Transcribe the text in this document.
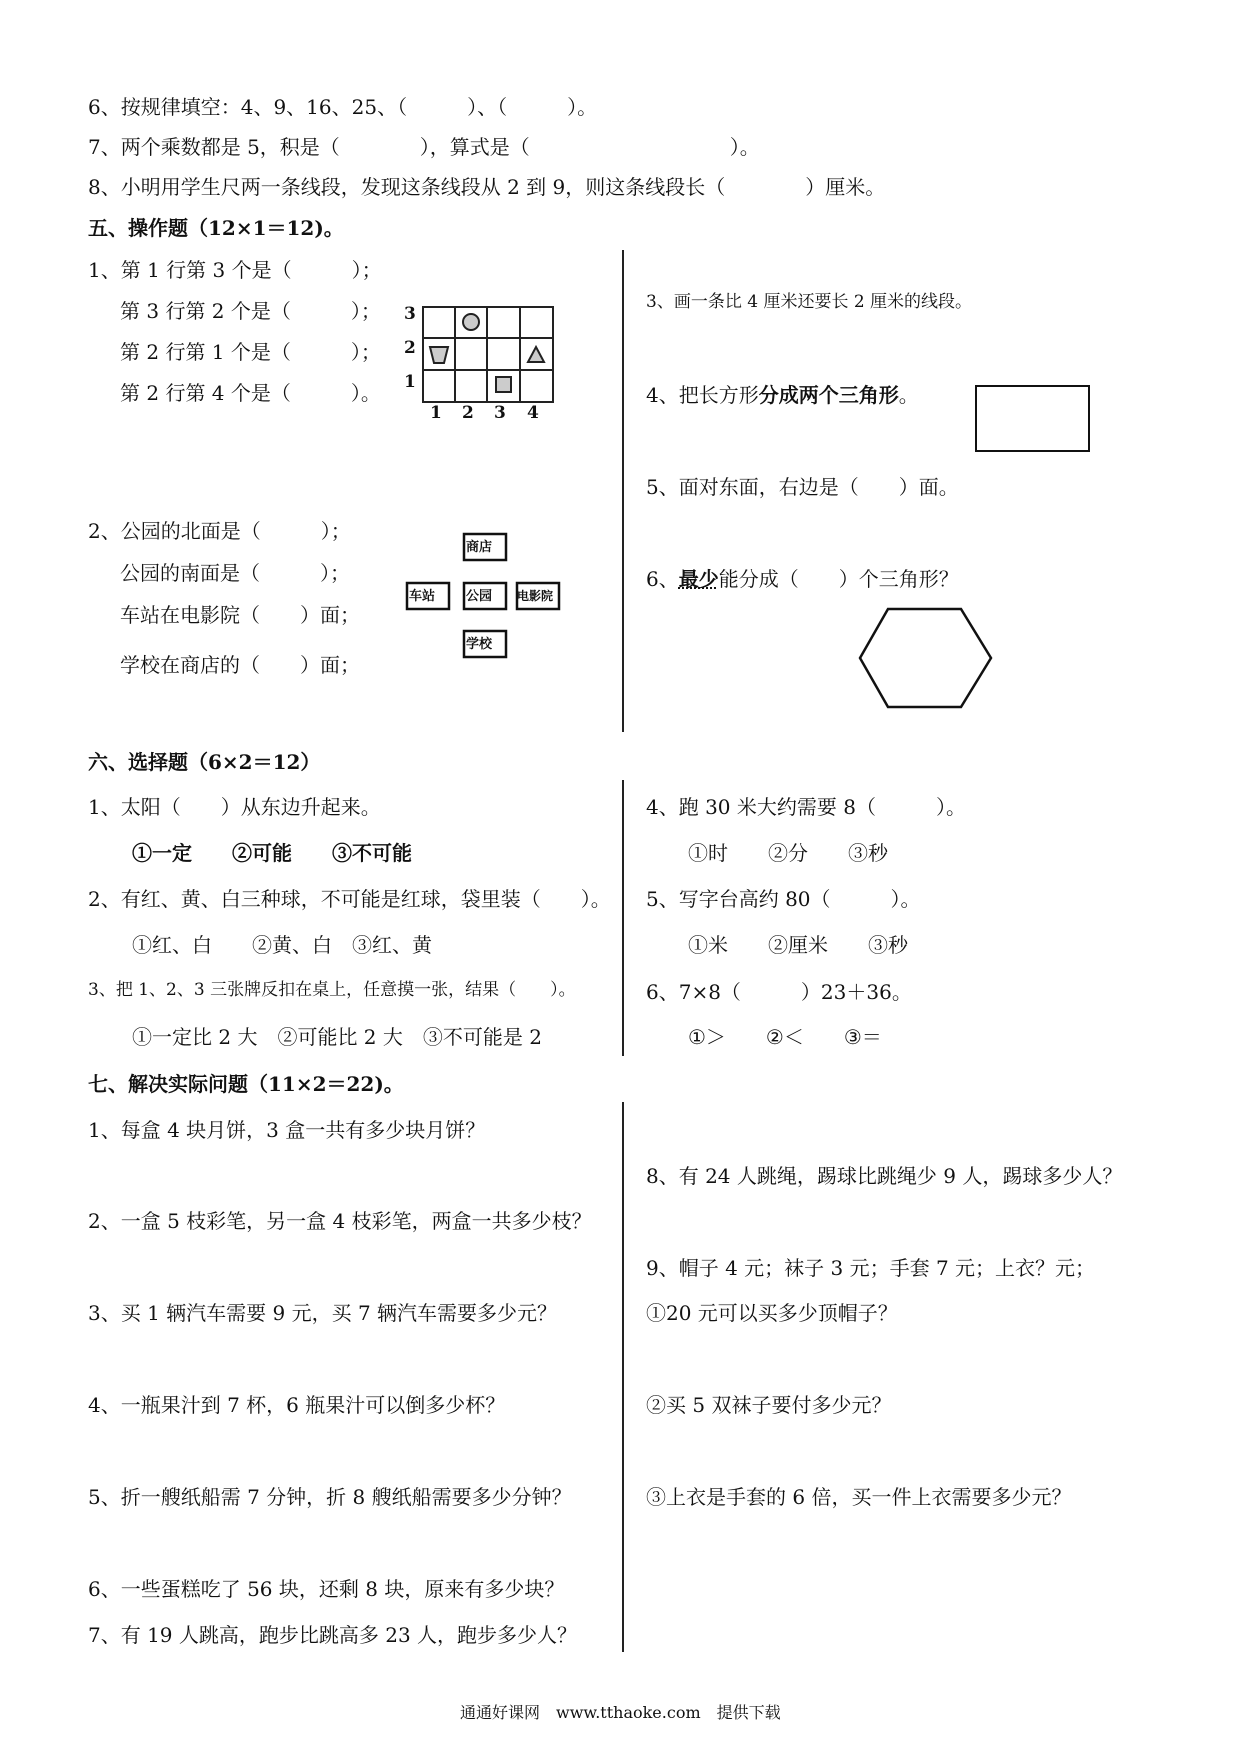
6、按规律填空：4、9、16、25、（　　　）、（　　　）。
7、两个乘数都是 5，积是（　　　　），算式是（　　　　　　　　　　）。
8、小明用学生尺两一条线段，发现这条线段从 2 到 9，则这条线段长（　　　　）厘米。
五、操作题（12×1＝12)。
1、第 1 行第 3 个是（　　　）；
第 3 行第 2 个是（　　　）；
第 2 行第 1 个是（　　　）；
第 2 行第 4 个是（　　　）。
3
2
1
1 2 3 4
2、公园的北面是（　　　）；
公园的南面是（　　　）；
车站在电影院（　　）面；
学校在商店的（　　）面；
商店
车站 公园 电影院
学校
3、画一条比 4 厘米还要长 2 厘米的线段。
4、把长方形分成两个三角形。
5、面对东面，右边是（　　）面。
6、最少能分成（　　）个三角形？
六、选择题（6×2＝12）
1、太阳（　　）从东边升起来。
①一定　　②可能　　③不可能
2、有红、黄、白三种球，不可能是红球，袋里装（　　）。
①红、白　　②黄、白　③红、黄
3、把 1、2、3 三张牌反扣在桌上，任意摸一张，结果（　　）。
①一定比 2 大　②可能比 2 大　③不可能是 2
4、跑 30 米大约需要 8（　　　）。
①时　　②分　　③秒
5、写字台高约 80（　　　）。
①米　　②厘米　　③秒
6、7×8（　　　）23＋36。
①＞　　②＜　　③＝
七、解决实际问题（11×2＝22)。
1、每盒 4 块月饼，3 盒一共有多少块月饼？
2、一盒 5 枝彩笔，另一盒 4 枝彩笔，两盒一共多少枝？
3、买 1 辆汽车需要 9 元，买 7 辆汽车需要多少元？
4、一瓶果汁到 7 杯，6 瓶果汁可以倒多少杯？
5、折一艘纸船需 7 分钟，折 8 艘纸船需要多少分钟？
6、一些蛋糕吃了 56 块，还剩 8 块，原来有多少块？
7、有 19 人跳高，跑步比跳高多 23 人，跑步多少人？
8、有 24 人跳绳，踢球比跳绳少 9 人，踢球多少人？
9、帽子 4 元；袜子 3 元；手套 7 元；上衣？元；
①20 元可以买多少顶帽子？
②买 5 双袜子要付多少元？
③上衣是手套的 6 倍，买一件上衣需要多少元？
通通好课网　www.tthaoke.com　提供下载
